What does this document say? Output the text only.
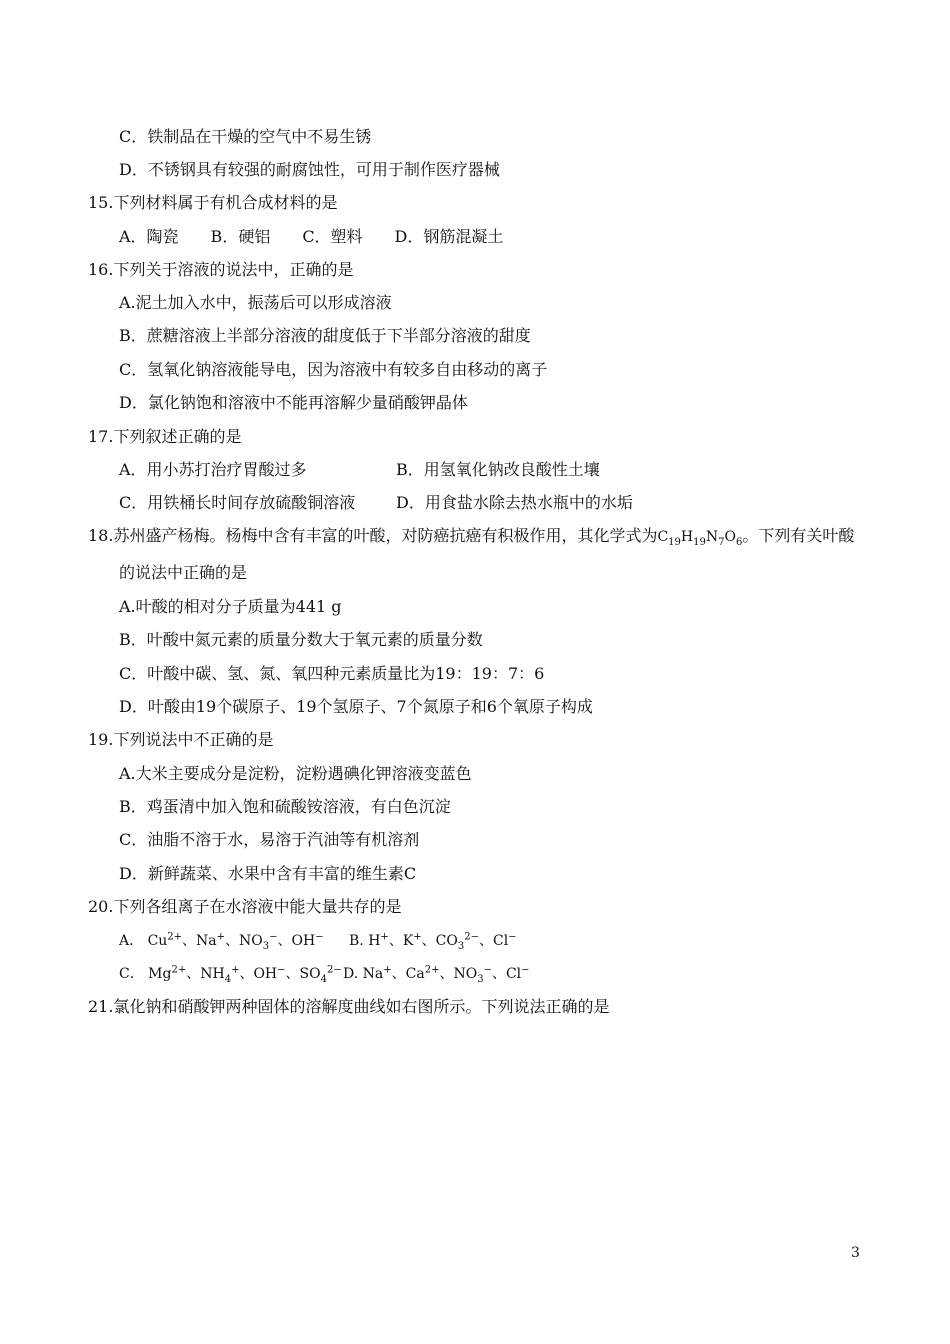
C．铁制品在干燥的空气中不易生锈
D．不锈钢具有较强的耐腐蚀性，可用于制作医疗器械
15.下列材料属于有机合成材料的是
A．陶瓷　　B．硬铝　　C．塑料　　D．钢筋混凝土
16.下列关于溶液的说法中，正确的是
A.泥土加入水中，振荡后可以形成溶液
B．蔗糖溶液上半部分溶液的甜度低于下半部分溶液的甜度
C．氢氧化钠溶液能导电，因为溶液中有较多自由移动的离子
D．氯化钠饱和溶液中不能再溶解少量硝酸钾晶体
17.下列叙述正确的是
A．用小苏打治疗胃酸过多	B．用氢氧化钠改良酸性土壤
C．用铁桶长时间存放硫酸铜溶液	D．用食盐水除去热水瓶中的水垢
18.苏州盛产杨梅。杨梅中含有丰富的叶酸，对防癌抗癌有积极作用，其化学式为$C_{19}H_{19}N_7O_6$。下列有关叶酸
的说法中正确的是
A.叶酸的相对分子质量为441 g
B．叶酸中氮元素的质量分数大于氧元素的质量分数
C．叶酸中碳、氢、氮、氧四种元素质量比为19：19：7：6
D．叶酸由19个碳原子、19个氢原子、7个氮原子和6个氧原子构成
19.下列说法中不正确的是
A.大米主要成分是淀粉，淀粉遇碘化钾溶液变蓝色
B．鸡蛋清中加入饱和硫酸铵溶液，有白色沉淀
C．油脂不溶于水，易溶于汽油等有机溶剂
D．新鲜蔬菜、水果中含有丰富的维生素C
20.下列各组离子在水溶液中能大量共存的是
A． $Cu^{2+}$、Na+、$NO_3^-$、OH− B. H+、K+、$CO_3^{2-}$、Cl−
C． $Mg^{2+}$、$NH_4^+$、OH−、$SO_4^{2-}$ D. Na+、$Ca^{2+}$、$NO_3^-$、Cl−
21.氯化钠和硝酸钾两种固体的溶解度曲线如右图所示。下列说法正确的是
3
